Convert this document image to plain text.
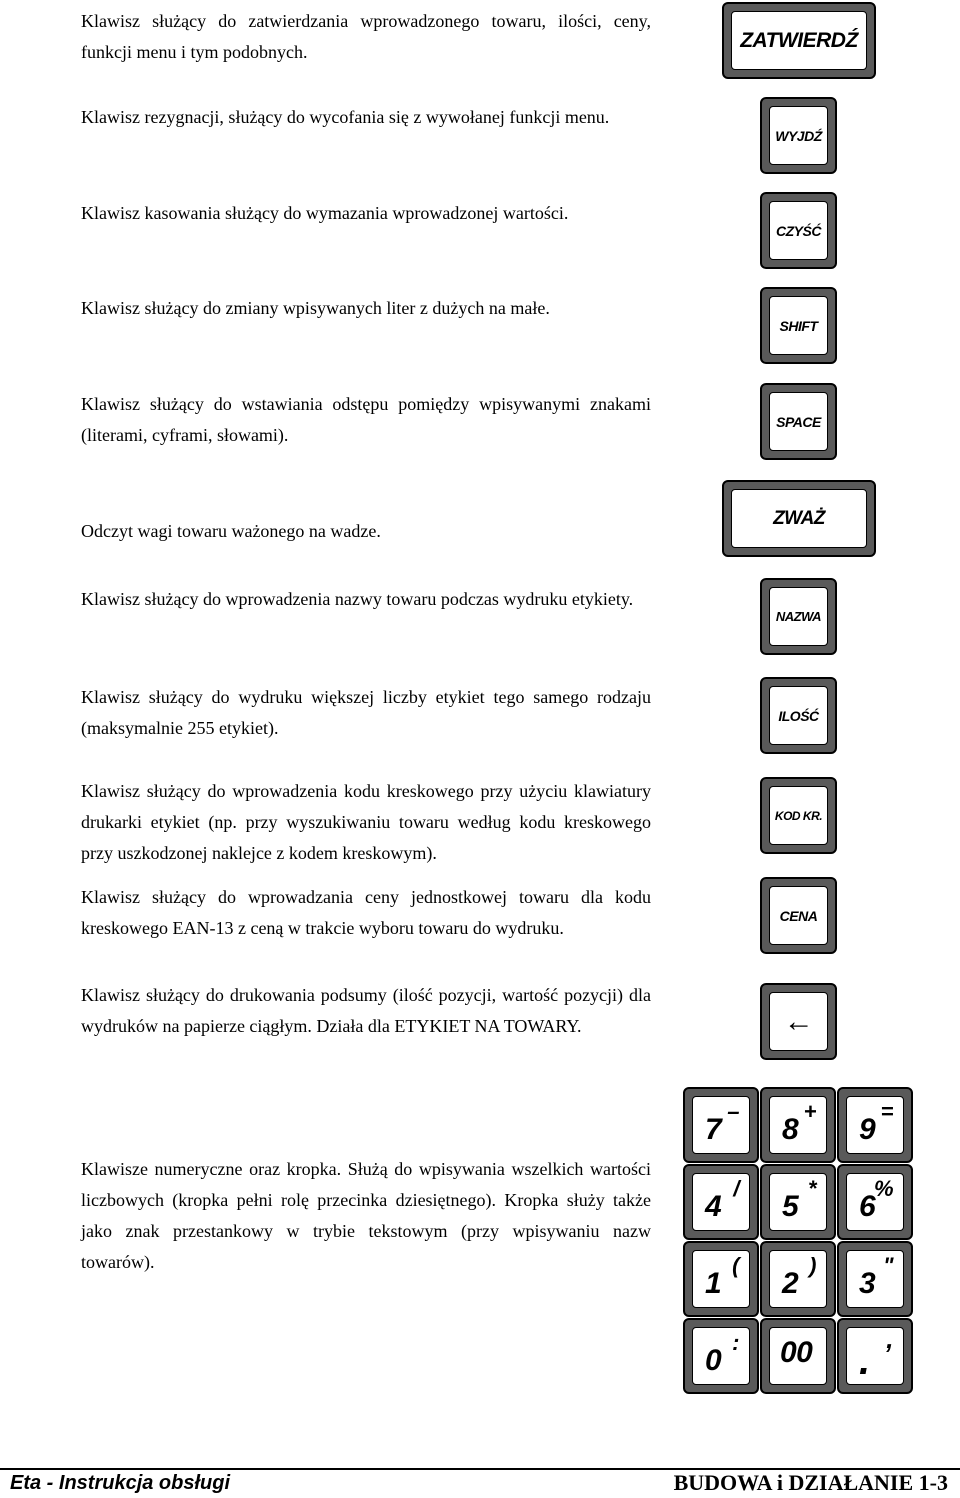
Klawisz służący do zatwierdzania wprowadzonego towaru, ilości, ceny, funkcji menu i tym podobnych.

Klawisz rezygnacji, służący do wycofania się z wywołanej funkcji menu.

Klawisz kasowania służący do wymazania wprowadzonej wartości.

Klawisz służący do zmiany wpisywanych liter z dużych na małe.

Klawisz służący do wstawiania odstępu pomiędzy wpisywanymi znakami (literami, cyframi, słowami).

Odczyt wagi towaru ważonego na wadze.

Klawisz służący do wprowadzenia nazwy towaru podczas wydruku etykiety.

Klawisz służący do wydruku większej liczby etykiet tego samego rodzaju (maksymalnie 255 etykiet).

Klawisz służący do wprowadzenia kodu kreskowego przy użyciu klawiatury drukarki etykiet (np. przy wyszukiwaniu towaru według kodu kreskowego przy uszkodzonej naklejce z kodem kreskowym).

Klawisz służący do wprowadzania ceny jednostkowej towaru dla kodu kreskowego EAN-13 z ceną w trakcie wyboru towaru do wydruku.

Klawisz służący do drukowania podsumy (ilość pozycji, wartość pozycji) dla wydruków na papierze ciągłym. Działa dla ETYKIET NA TOWARY.

Klawisze numeryczne oraz kropka. Służą do wpisywania wszelkich wartości liczbowych (kropka pełni rolę przecinka dziesiętnego). Kropka służy także jako znak przestankowy w trybie tekstowym (przy wpisywaniu nazw towarów).

ZATWIERDŹ
WYJDŹ
CZYŚĆ
SHIFT
SPACE
ZWAŻ
NAZWA
ILOŚĆ
KOD KR.
CENA
←
7
–
8
+
9
=
4
/
5
*
6
%
1
(
2
)
3
"
0
: 00 . ,
Eta - Instrukcja obsługi	BUDOWA i DZIAŁANIE 1-3
